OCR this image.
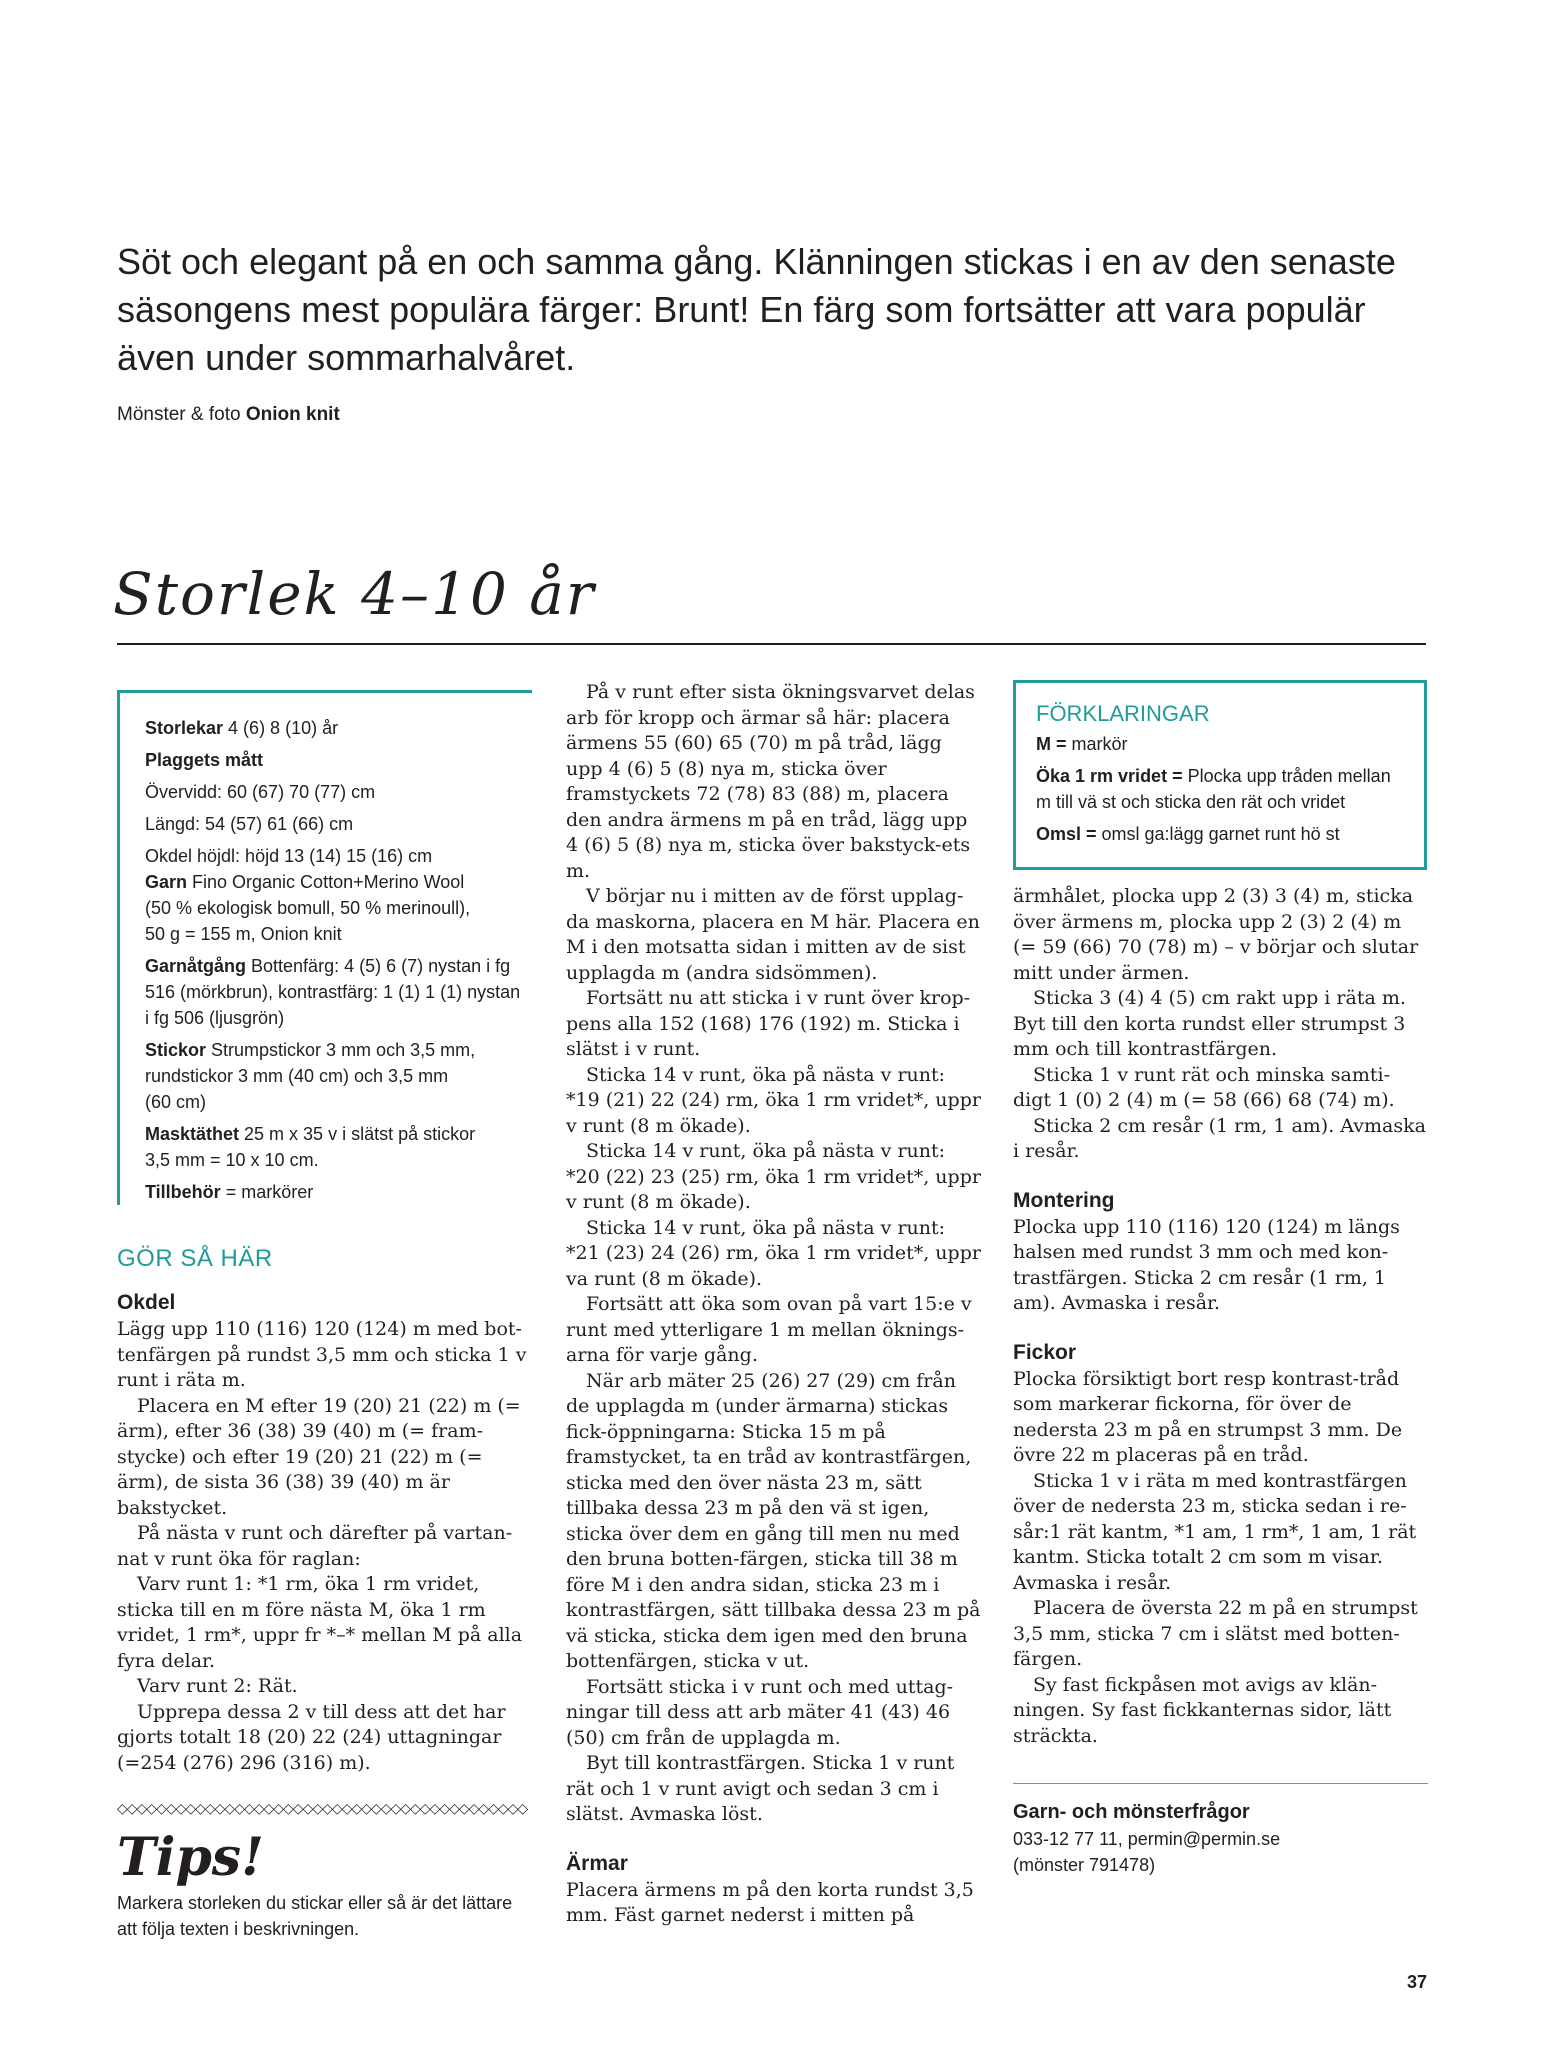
Söt och elegant på en och samma gång. Klänningen stickas i en av den senaste

säsongens mest populära färger: Brunt! En färg som fortsätter att vara populär

även under sommarhalvåret.

Mönster & foto Onion knit
Storlek 4–10 år
Storlekar 4 (6) 8 (10) år
Plaggets mått
Övervidd: 60 (67) 70 (77) cm
Längd: 54 (57) 61 (66) cm
Okdel höjdl: höjd 13 (14) 15 (16) cm
Garn Fino Organic Cotton+Merino Wool
(50 % ekologisk bomull, 50 % merinoull),
50 g = 155 m, Onion knit
Garnåtgång Bottenfärg: 4 (5) 6 (7) nystan i fg
516 (mörkbrun), kontrastfärg: 1 (1) 1 (1) nystan
i fg 506 (ljusgrön)
Stickor Strumpstickor 3 mm och 3,5 mm,
rundstickor 3 mm (40 cm) och 3,5 mm
(60 cm)
Masktäthet 25 m x 35 v i slätst på stickor
3,5 mm = 10 x 10 cm.
Tillbehör = markörer
GÖR SÅ HÄR
Okdel

Lägg upp 110 (116) 120 (124) m med bot-tenfärgen på rundst 3,5 mm och sticka 1 v runt i räta m.

Placera en M efter 19 (20) 21 (22) m (= ärm), efter 36 (38) 39 (40) m (= fram-stycke) och efter 19 (20) 21 (22) m (= ärm), de sista 36 (38) 39 (40) m är bakstycket.

På nästa v runt och därefter på vartan-nat v runt öka för raglan:

Varv runt 1: *1 rm, öka 1 rm vridet, sticka till en m före nästa M, öka 1 rm vridet, 1 rm*, uppr fr *–* mellan M på alla fyra delar.

Varv runt 2: Rät.

Upprepa dessa 2 v till dess att det har gjorts totalt 18 (20) 22 (24) uttagningar (=254 (276) 296 (316) m).

◇◇◇◇◇◇◇◇◇◇◇◇◇◇◇◇◇◇◇◇◇◇◇◇◇◇◇◇◇◇◇◇◇◇◇◇◇◇◇◇◇◇
Tips!
Markera storleken du stickar eller så är det lättare att följa texten i beskrivningen.

På v runt efter sista ökningsvarvet delas arb för kropp och ärmar så här: placera ärmens 55 (60) 65 (70) m på tråd, lägg upp 4 (6) 5 (8) nya m, sticka över framstyckets 72 (78) 83 (88) m, placera den andra ärmens m på en tråd, lägg upp 4 (6) 5 (8) nya m, sticka över bakstyck-ets m.

V börjar nu i mitten av de först upplag-da maskorna, placera en M här. Placera en M i den motsatta sidan i mitten av de sist upplagda m (andra sidsömmen).

Fortsätt nu att sticka i v runt över krop-pens alla 152 (168) 176 (192) m. Sticka i slätst i v runt.

Sticka 14 v runt, öka på nästa v runt: *19 (21) 22 (24) rm, öka 1 rm vridet*, uppr v runt (8 m ökade).

Sticka 14 v runt, öka på nästa v runt: *20 (22) 23 (25) rm, öka 1 rm vridet*, uppr v runt (8 m ökade).

Sticka 14 v runt, öka på nästa v runt: *21 (23) 24 (26) rm, öka 1 rm vridet*, uppr va runt (8 m ökade).

Fortsätt att öka som ovan på vart 15:e v runt med ytterligare 1 m mellan öknings-arna för varje gång.

När arb mäter 25 (26) 27 (29) cm från de upplagda m (under ärmarna) stickas fick-öppningarna: Sticka 15 m på framstycket, ta en tråd av kontrastfärgen, sticka med den över nästa 23 m, sätt tillbaka dessa 23 m på den vä st igen, sticka över dem en gång till men nu med den bruna botten-färgen, sticka till 38 m före M i den andra sidan, sticka 23 m i kontrastfärgen, sätt tillbaka dessa 23 m på vä sticka, sticka dem igen med den bruna bottenfärgen, sticka v ut.

Fortsätt sticka i v runt och med uttag-ningar till dess att arb mäter 41 (43) 46 (50) cm från de upplagda m.

Byt till kontrastfärgen. Sticka 1 v runt rät och 1 v runt avigt och sedan 3 cm i slätst. Avmaska löst.

Ärmar

Placera ärmens m på den korta rundst 3,5 mm. Fäst garnet nederst i mitten på

FÖRKLARINGAR
M = markör
Öka 1 rm vridet = Plocka upp tråden mellan m till vä st och sticka den rät och vridet
Omsl = omsl ga:lägg garnet runt hö st

ärmhålet, plocka upp 2 (3) 3 (4) m, sticka över ärmens m, plocka upp 2 (3) 2 (4) m (= 59 (66) 70 (78) m) – v börjar och slutar mitt under ärmen.

Sticka 3 (4) 4 (5) cm rakt upp i räta m. Byt till den korta rundst eller strumpst 3 mm och till kontrastfärgen.

Sticka 1 v runt rät och minska samti-digt 1 (0) 2 (4) m (= 58 (66) 68 (74) m).

Sticka 2 cm resår (1 rm, 1 am). Avmaska i resår.

Montering

Plocka upp 110 (116) 120 (124) m längs halsen med rundst 3 mm och med kon-trastfärgen. Sticka 2 cm resår (1 rm, 1 am). Avmaska i resår.

Fickor

Plocka försiktigt bort resp kontrast-tråd som markerar fickorna, för över de nedersta 23 m på en strumpst 3 mm. De övre 22 m placeras på en tråd.

Sticka 1 v i räta m med kontrastfärgen över de nedersta 23 m, sticka sedan i re-sår:1 rät kantm, *1 am, 1 rm*, 1 am, 1 rät kantm. Sticka totalt 2 cm som m visar. Avmaska i resår.

Placera de översta 22 m på en strumpst 3,5 mm, sticka 7 cm i slätst med botten-färgen.

Sy fast fickpåsen mot avigs av klän-ningen. Sy fast fickkanternas sidor, lätt sträckta.

Garn- och mönsterfrågor
033-12 77 11, permin@permin.se
(mönster 791478)
37
